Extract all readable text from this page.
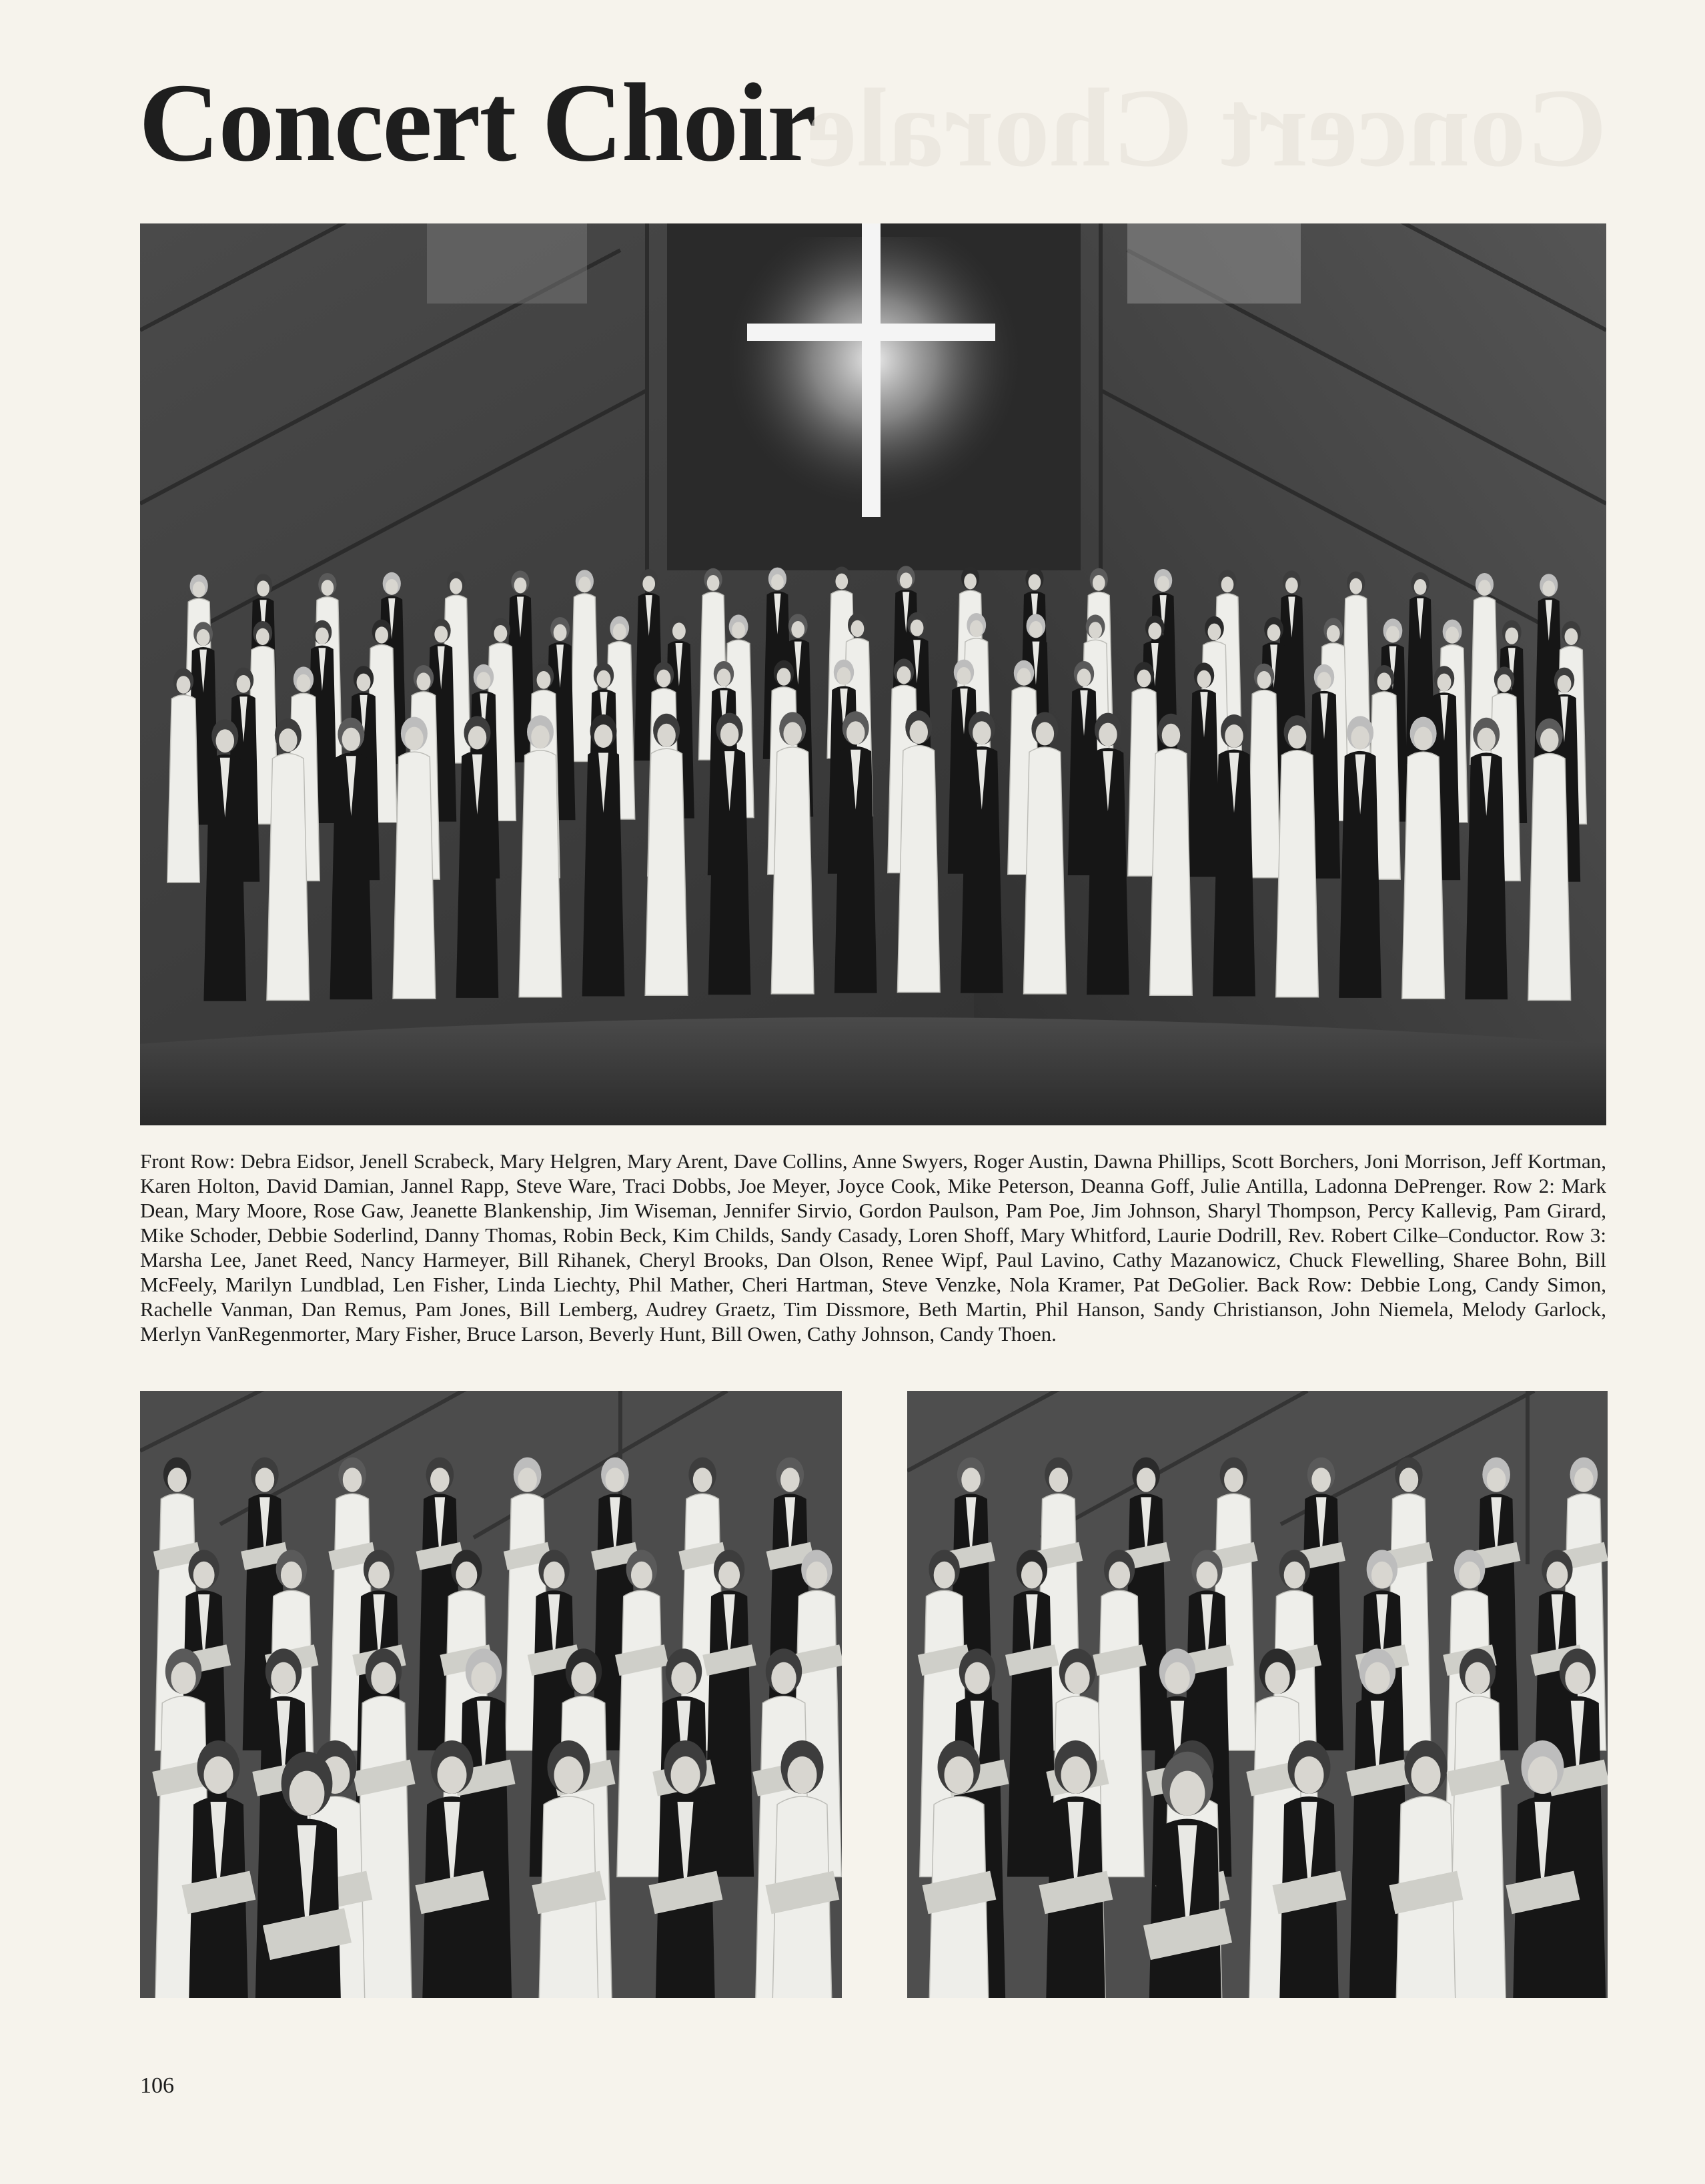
Concert Choir
Concert Chorale

Front Row: Debra Eidsor, Jenell Scrabeck, Mary Helgren, Mary Arent, Dave Collins, Anne Swyers, Roger Austin, Dawna Phillips, Scott Borchers, Joni Morrison, Jeff Kortman, Karen Holton, David Damian, Jannel Rapp, Steve Ware, Traci Dobbs, Joe Meyer, Joyce Cook, Mike Peterson, Deanna Goff, Julie Antilla, Ladonna DePrenger. Row 2: Mark Dean, Mary Moore, Rose Gaw, Jeanette Blankenship, Jim Wiseman, Jennifer Sirvio, Gordon Paulson, Pam Poe, Jim Johnson, Sharyl Thompson, Percy Kallevig, Pam Girard, Mike Schoder, Debbie Soderlind, Danny Thomas, Robin Beck, Kim Childs, Sandy Casady, Loren Shoff, Mary Whitford, Laurie Dodrill, Rev. Robert Cilke–Conductor. Row 3: Marsha Lee, Janet Reed, Nancy Harmeyer, Bill Rihanek, Cheryl Brooks, Dan Olson, Renee Wipf, Paul Lavino, Cathy Mazanowicz, Chuck Flewelling, Sharee Bohn, Bill McFeely, Marilyn Lundblad, Len Fisher, Linda Liechty, Phil Mather, Cheri Hartman, Steve Venzke, Nola Kramer, Pat DeGolier. Back Row: Debbie Long, Candy Simon, Rachelle Vanman, Dan Remus, Pam Jones, Bill Lemberg, Audrey Graetz, Tim Dissmore, Beth Martin, Phil Hanson, Sandy Christianson, John Niemela, Melody Garlock, Merlyn VanRegenmorter, Mary Fisher, Bruce Larson, Beverly Hunt, Bill Owen, Cathy Johnson, Candy Thoen.

106
